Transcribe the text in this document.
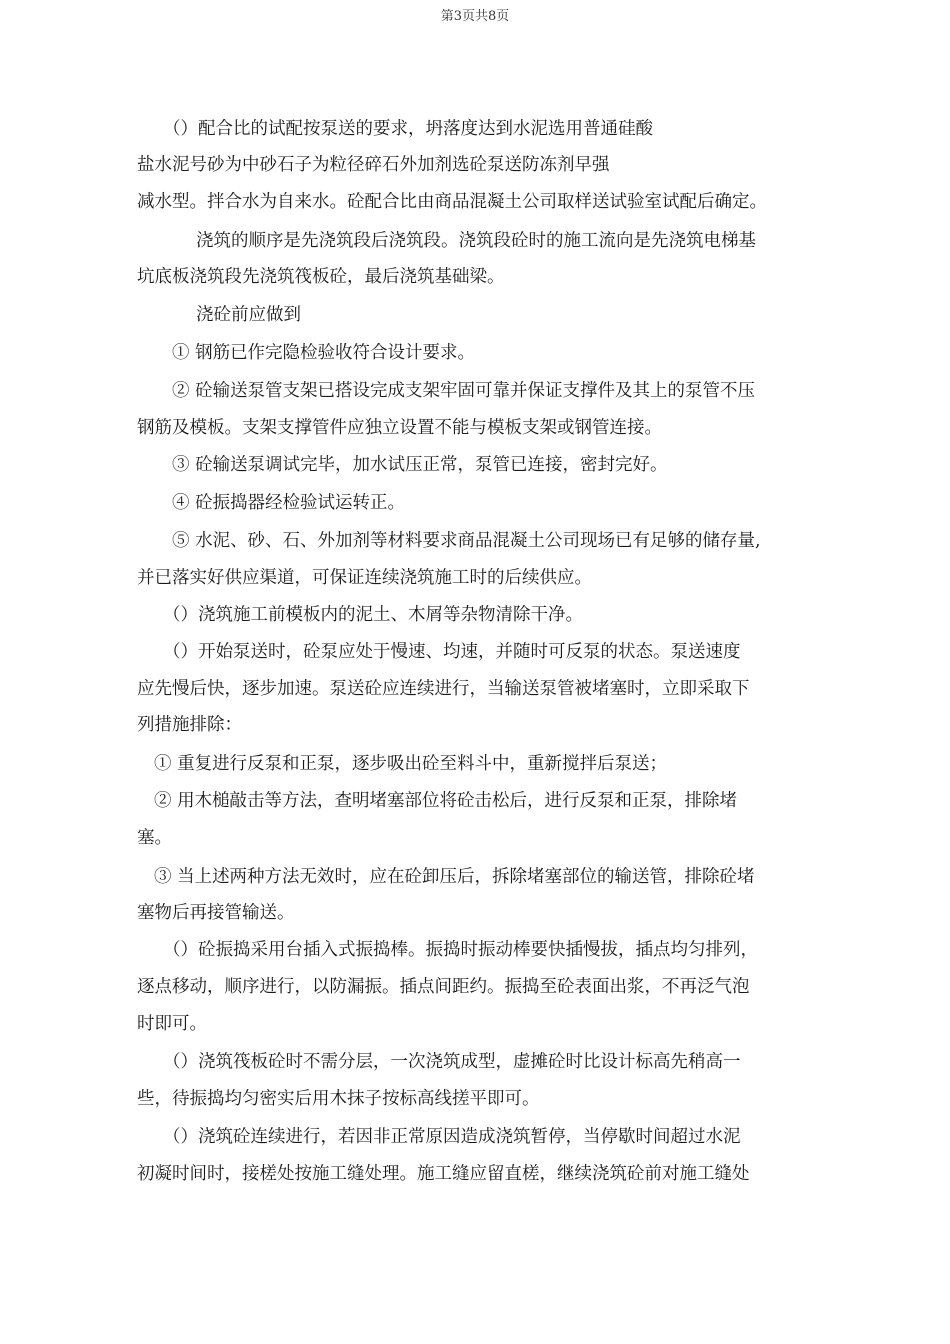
第3页共8页
（）配合比的试配按泵送的要求，坍落度达到水泥选用普通硅酸
盐水泥号砂为中砂石子为粒径碎石外加剂选砼泵送防冻剂早强
减水型。拌合水为自来水。砼配合比由商品混凝土公司取样送试验室试配后确定。
浇筑的顺序是先浇筑段后浇筑段。浇筑段砼时的施工流向是先浇筑电梯基
坑底板浇筑段先浇筑筏板砼，最后浇筑基础梁。
浇砼前应做到
① 钢筋已作完隐检验收符合设计要求。
② 砼输送泵管支架已搭设完成支架牢固可靠并保证支撑件及其上的泵管不压
钢筋及模板。支架支撑管件应独立设置不能与模板支架或钢管连接。
③ 砼输送泵调试完毕，加水试压正常，泵管已连接，密封完好。
④ 砼振捣器经检验试运转正。
⑤ 水泥、砂、石、外加剂等材料要求商品混凝土公司现场已有足够的储存量,
并已落实好供应渠道，可保证连续浇筑施工时的后续供应。
（）浇筑施工前模板内的泥土、木屑等杂物清除干净。
（）开始泵送时，砼泵应处于慢速、均速，并随时可反泵的状态。泵送速度
应先慢后快，逐步加速。泵送砼应连续进行，当输送泵管被堵塞时，立即采取下
列措施排除：
① 重复进行反泵和正泵，逐步吸出砼至料斗中，重新搅拌后泵送；
② 用木槌敲击等方法，查明堵塞部位将砼击松后，进行反泵和正泵，排除堵
塞。
③ 当上述两种方法无效时，应在砼卸压后，拆除堵塞部位的输送管，排除砼堵
塞物后再接管输送。
（）砼振捣采用台插入式振捣棒。振捣时振动棒要快插慢拔，插点均匀排列，
逐点移动，顺序进行，以防漏振。插点间距约。振捣至砼表面出浆，不再泛气泡
时即可。
（）浇筑筏板砼时不需分层，一次浇筑成型，虚摊砼时比设计标高先稍高一
些，待振捣均匀密实后用木抹子按标高线搓平即可。
（）浇筑砼连续进行，若因非正常原因造成浇筑暂停，当停歇时间超过水泥
初凝时间时，接槎处按施工缝处理。施工缝应留直槎，继续浇筑砼前对施工缝处
